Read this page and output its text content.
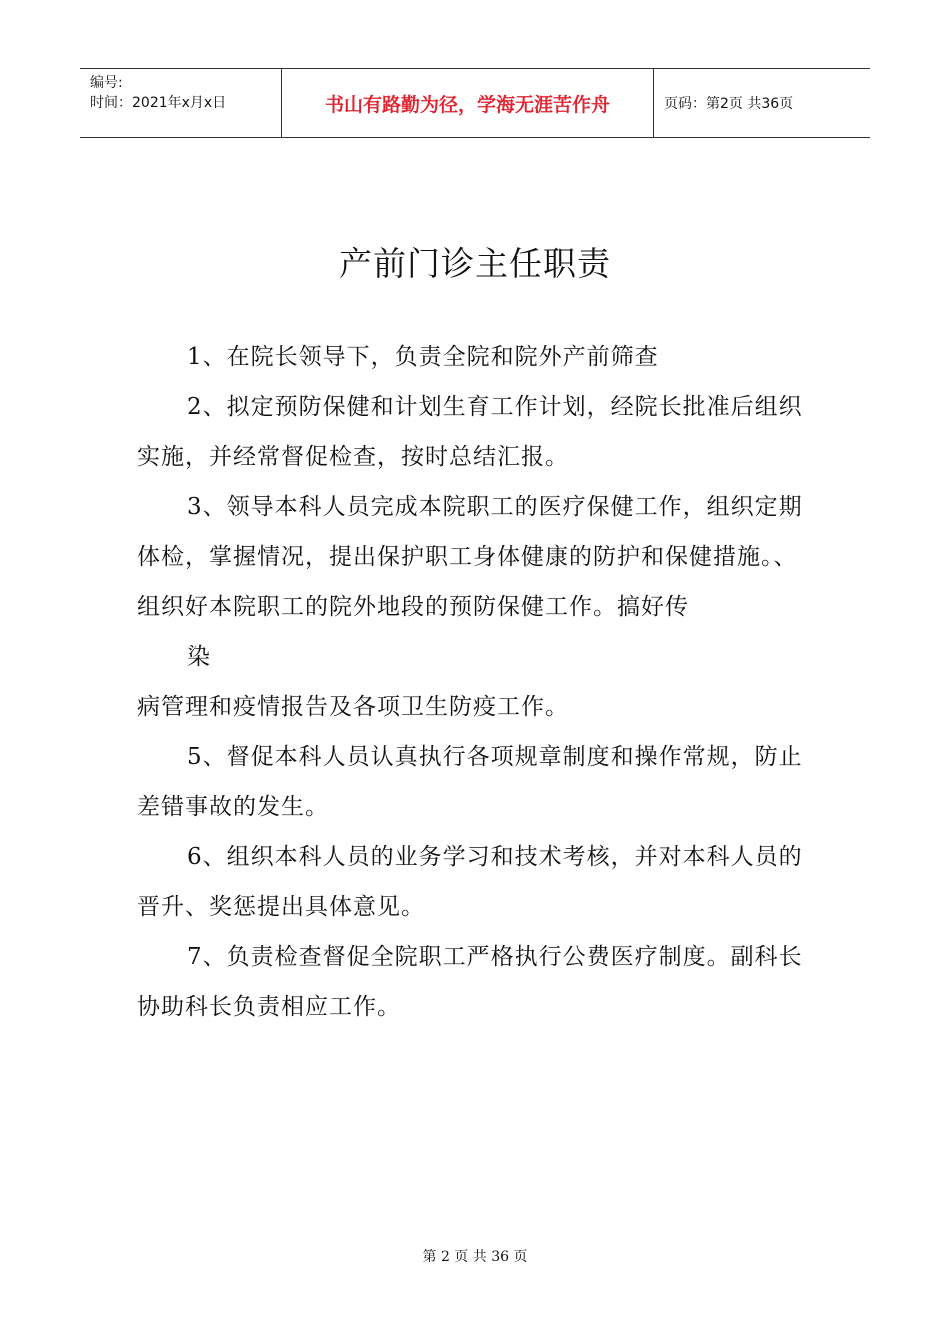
编号:
时间：2021年x月x日	书山有路勤为径，学海无涯苦作舟	页码：第2页 共36页
产前门诊主任职责

1、在院长领导下，负责全院和院外产前筛查

2、拟定预防保健和计划生育工作计划，经院长批准后组织实施，并经常督促检查，按时总结汇报。

3、领导本科人员完成本院职工的医疗保健工作，组织定期体检，掌握情况，提出保护职工身体健康的防护和保健措施。、组织好本院职工的院外地段的预防保健工作。搞好传

染

病管理和疫情报告及各项卫生防疫工作。

5、督促本科人员认真执行各项规章制度和操作常规，防止差错事故的发生。

6、组织本科人员的业务学习和技术考核，并对本科人员的晋升、奖惩提出具体意见。

7、负责检查督促全院职工严格执行公费医疗制度。副科长协助科长负责相应工作。

第 2 页 共 36 页
